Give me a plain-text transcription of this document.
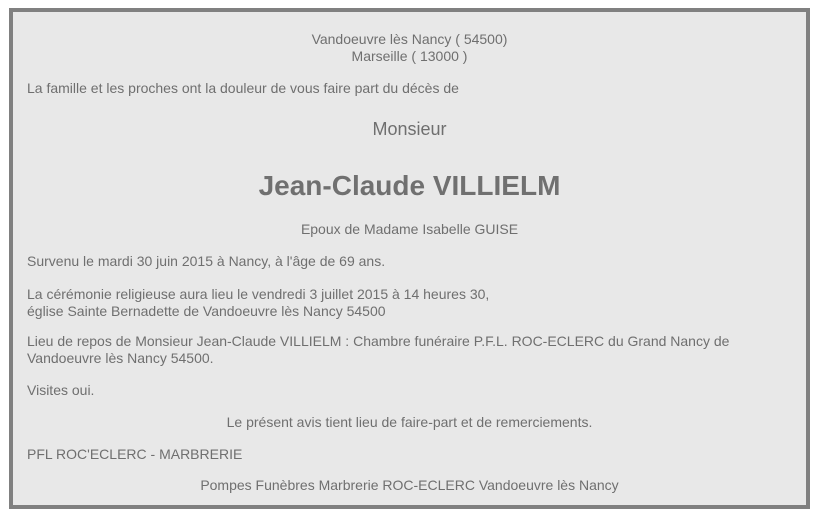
Vandoeuvre lès Nancy ( 54500)
Marseille ( 13000 )
La famille et les proches ont la douleur de vous faire part du décès de
Monsieur
Jean-Claude VILLIELM
Epoux de Madame Isabelle GUISE
Survenu le mardi 30 juin 2015 à Nancy, à l'âge de 69 ans.
La cérémonie religieuse aura lieu le vendredi 3 juillet 2015 à 14 heures 30,
église Sainte Bernadette de Vandoeuvre lès Nancy 54500
Lieu de repos de Monsieur Jean-Claude VILLIELM : Chambre funéraire P.F.L. ROC-ECLERC du Grand Nancy de
Vandoeuvre lès Nancy 54500.
Visites oui.
Le présent avis tient lieu de faire-part et de remerciements.
PFL ROC'ECLERC - MARBRERIE
Pompes Funèbres Marbrerie ROC-ECLERC Vandoeuvre lès Nancy
